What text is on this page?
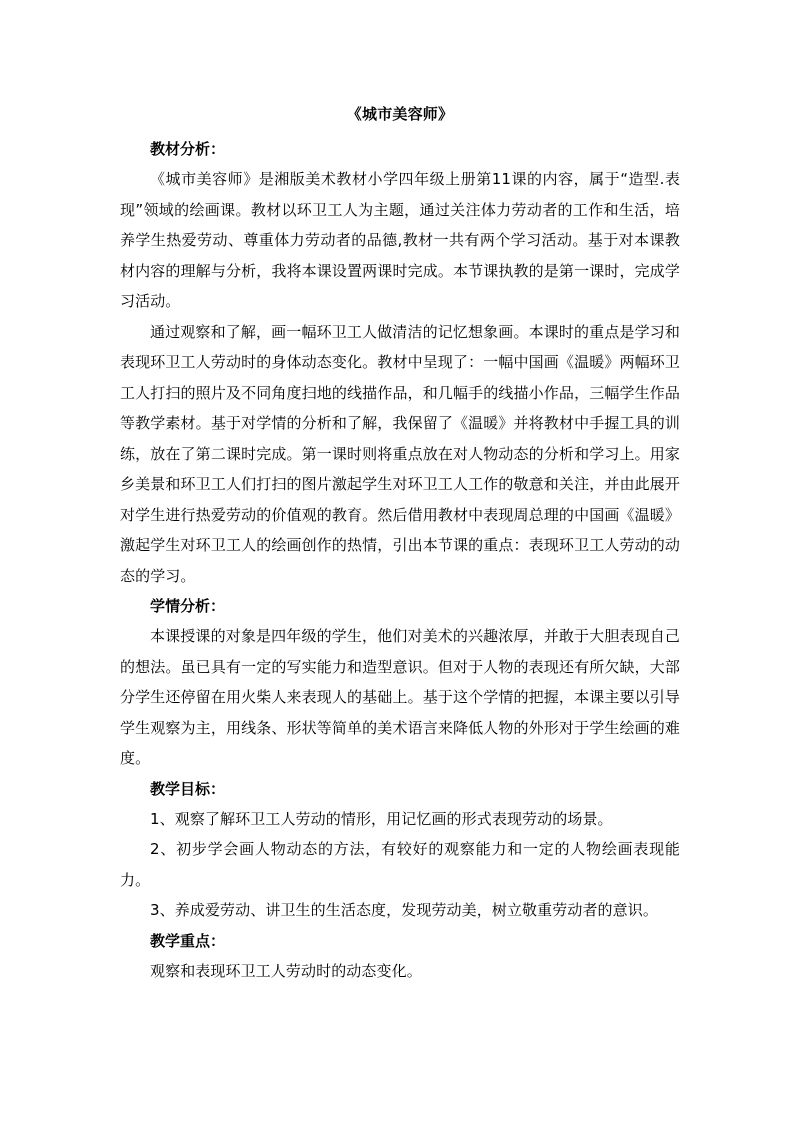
《城市美容师》
教材分析：

《城市美容师》是湘版美术教材小学四年级上册第11课的内容，属于“造型.表现”领域的绘画课。教材以环卫工人为主题，通过关注体力劳动者的工作和生活，培养学生热爱劳动、尊重体力劳动者的品德,教材一共有两个学习活动。基于对本课教材内容的理解与分析，我将本课设置两课时完成。本节课执教的是第一课时，完成学习活动。

通过观察和了解，画一幅环卫工人做清洁的记忆想象画。本课时的重点是学习和表现环卫工人劳动时的身体动态变化。教材中呈现了：一幅中国画《温暖》两幅环卫工人打扫的照片及不同角度扫地的线描作品，和几幅手的线描小作品，三幅学生作品等教学素材。基于对学情的分析和了解，我保留了《温暖》并将教材中手握工具的训练，放在了第二课时完成。第一课时则将重点放在对人物动态的分析和学习上。用家乡美景和环卫工人们打扫的图片激起学生对环卫工人工作的敬意和关注，并由此展开对学生进行热爱劳动的价值观的教育。然后借用教材中表现周总理的中国画《温暖》激起学生对环卫工人的绘画创作的热情，引出本节课的重点：表现环卫工人劳动的动态的学习。

学情分析：

本课授课的对象是四年级的学生，他们对美术的兴趣浓厚，并敢于大胆表现自己的想法。虽已具有一定的写实能力和造型意识。但对于人物的表现还有所欠缺，大部分学生还停留在用火柴人来表现人的基础上。基于这个学情的把握，本课主要以引导学生观察为主，用线条、形状等简单的美术语言来降低人物的外形对于学生绘画的难度。

教学目标：

1、观察了解环卫工人劳动的情形，用记忆画的形式表现劳动的场景。

2、初步学会画人物动态的方法，有较好的观察能力和一定的人物绘画表现能力。

3、养成爱劳动、讲卫生的生活态度，发现劳动美，树立敬重劳动者的意识。

教学重点：

观察和表现环卫工人劳动时的动态变化。
